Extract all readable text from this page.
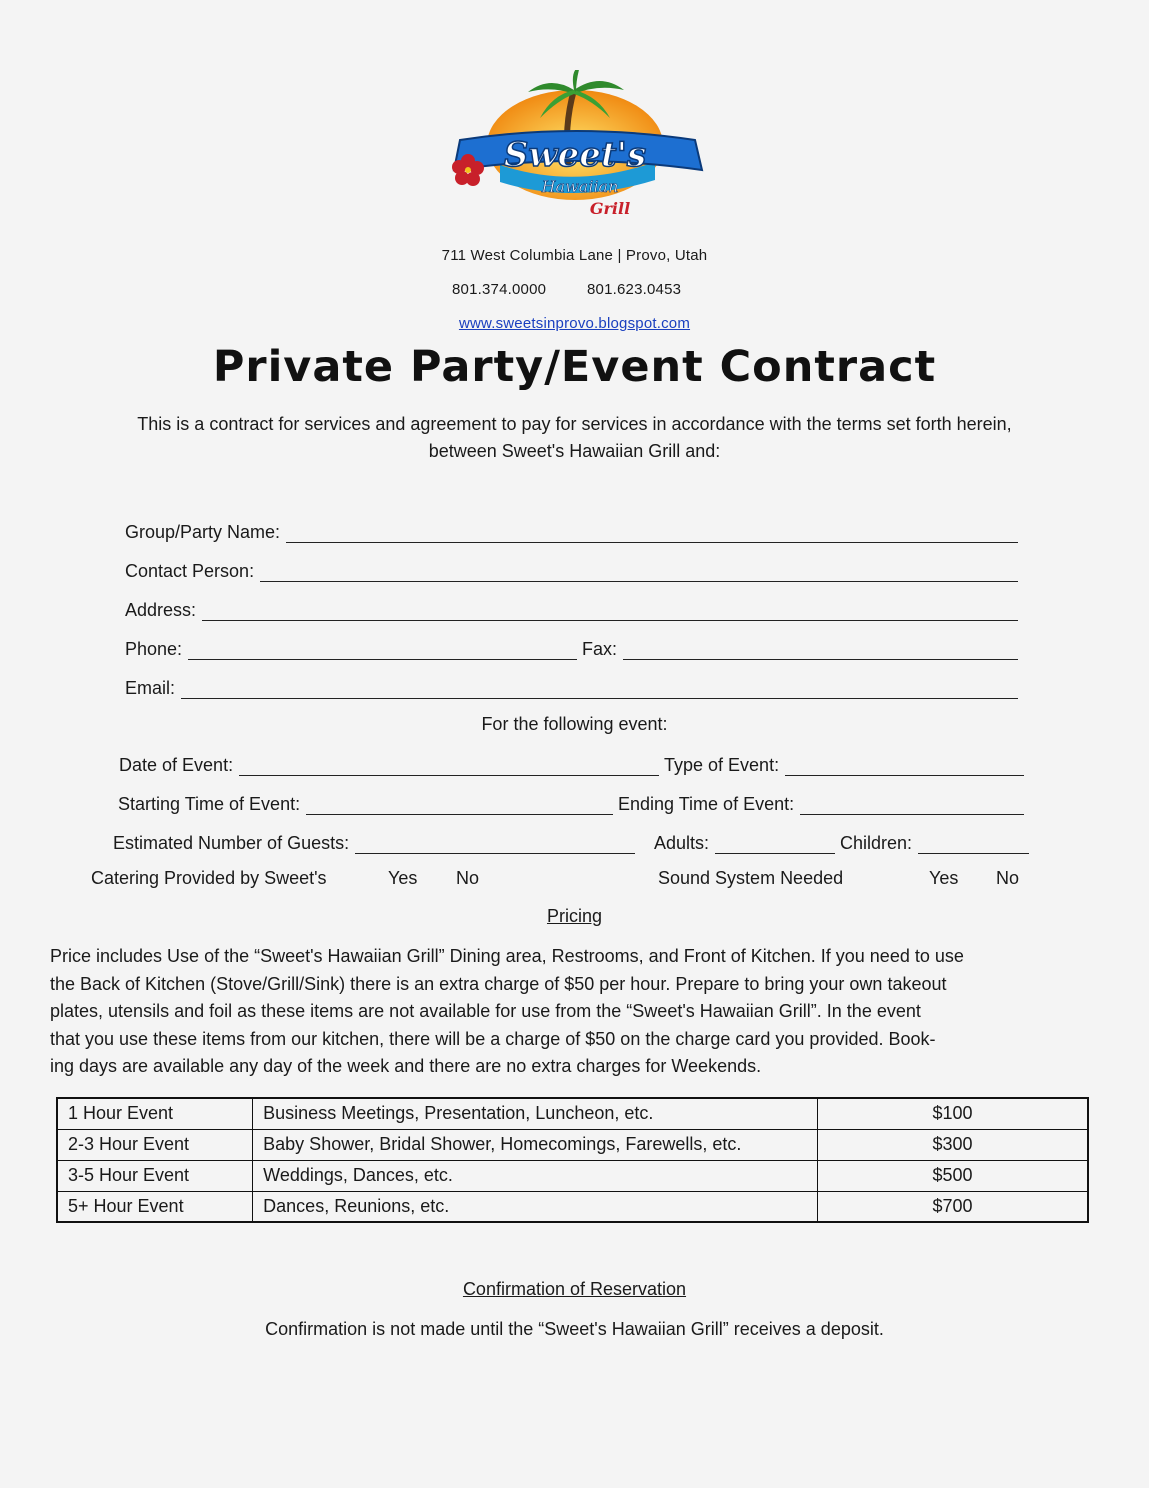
Sweet's
Hawaiian
Grill
711 West Columbia Lane | Provo, Utah
801.374.0000	801.623.0453
www.sweetsinprovo.blogspot.com
Private Party/Event Contract
This is a contract for services and agreement to pay for services in accordance with the terms set forth herein,
between Sweet's Hawaiian Grill and:
Group/Party Name:
Contact Person:
Address:
Phone:	Fax:
Email:
For the following event:
Date of Event:	Type of Event:
Starting Time of Event:	Ending Time of Event:
Estimated Number of Guests:	Adults:	Children:
Catering Provided by Sweet's	Yes No	Sound System Needed	Yes No
Pricing
Price includes Use of the “Sweet's Hawaiian Grill” Dining area, Restrooms, and Front of Kitchen. If you need to use
the Back of Kitchen (Stove/Grill/Sink) there is an extra charge of $50 per hour. Prepare to bring your own takeout
plates, utensils and foil as these items are not available for use from the “Sweet's Hawaiian Grill”. In the event
that you use these items from our kitchen, there will be a charge of $50 on the charge card you provided. Book-
ing days are available any day of the week and there are no extra charges for Weekends.
1 Hour Event	Business Meetings, Presentation, Luncheon, etc.	$100
2-3 Hour Event	Baby Shower, Bridal Shower, Homecomings, Farewells, etc.	$300
3-5 Hour Event	Weddings, Dances, etc.	$500
5+ Hour Event	Dances, Reunions, etc.	$700
Confirmation of Reservation
Confirmation is not made until the “Sweet's Hawaiian Grill” receives a deposit.
